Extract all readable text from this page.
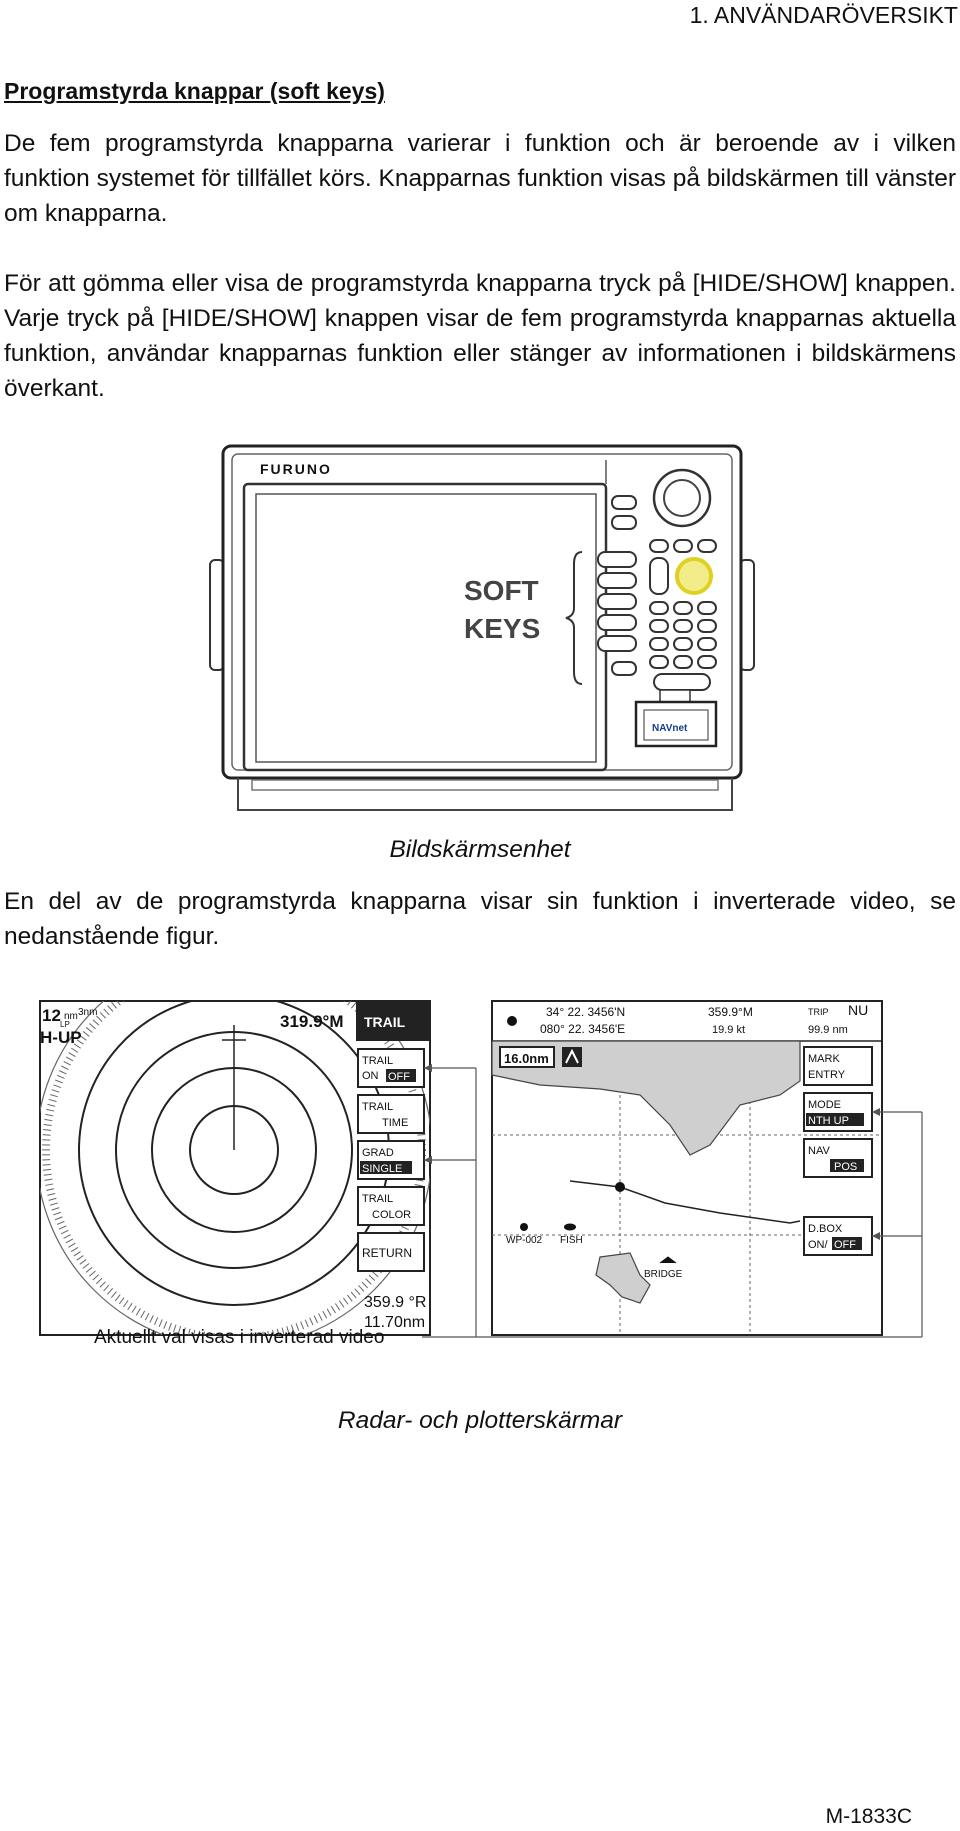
1. ANVÄNDARÖVERSIKT
Programstyrda knappar (soft keys)
De fem programstyrda knapparna varierar i funktion och är beroende av i vilken funktion systemet för tillfället körs. Knapparnas funktion visas på bildskärmen till vänster om knapparna.
För att gömma eller visa de programstyrda knapparna tryck på [HIDE/SHOW] knappen. Varje tryck på [HIDE/SHOW] knappen visar de fem programstyrda knapparnas aktuella funktion, användar knapparnas funktion eller stänger av informationen i bildskärmens överkant.
FURUNO
SOFT
KEYS
NAVnet
Bildskärmsenhet
En del av de programstyrda knapparna visar sin funktion i inverterade video, se nedanstående figur.
12 nm
LP
3nm
H-UP
319.9°M
359.9 °R
11.70nm
TRAIL
TRAIL
ON OFF
TRAIL
TIME
GRAD
SINGLE
TRAIL
COLOR
RETURN
34° 22. 3456'N
080° 22. 3456'E
359.9°M
19.9 kt
TRIP NU
99.9 nm
16.0nm
WP-002 FISH
BRIDGE
MARK
ENTRY
MODE
NTH UP
NAV
POS
D.BOX
ON/ OFF
Aktuellt val visas i inverterad video
Radar- och plotterskärmar
M-1833C
